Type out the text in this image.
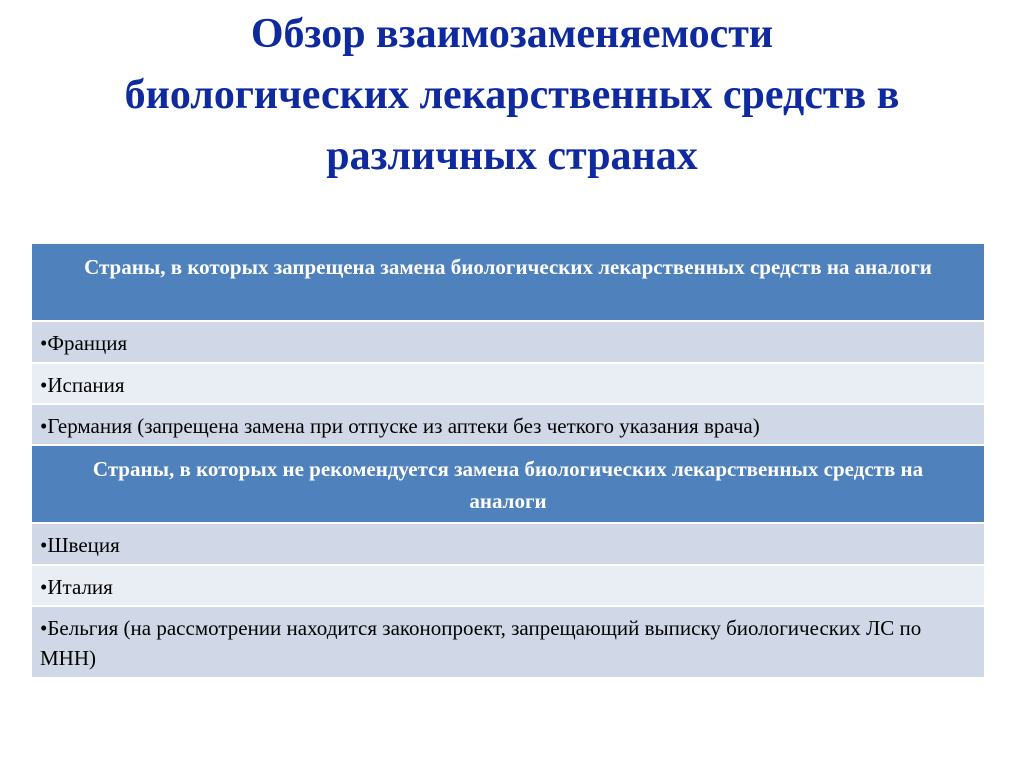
Обзор взаимозаменяемости
биологических лекарственных средств в
различных странах
Страны, в которых запрещена замена биологических лекарственных средств на аналоги
•Франция
•Испания
•Германия (запрещена замена при отпуске из аптеки без четкого указания врача)
Страны, в которых не рекомендуется замена биологических лекарственных средств на аналоги
•Швеция
•Италия
•Бельгия (на рассмотрении находится законопроект, запрещающий выписку биологических ЛС по МНН)
